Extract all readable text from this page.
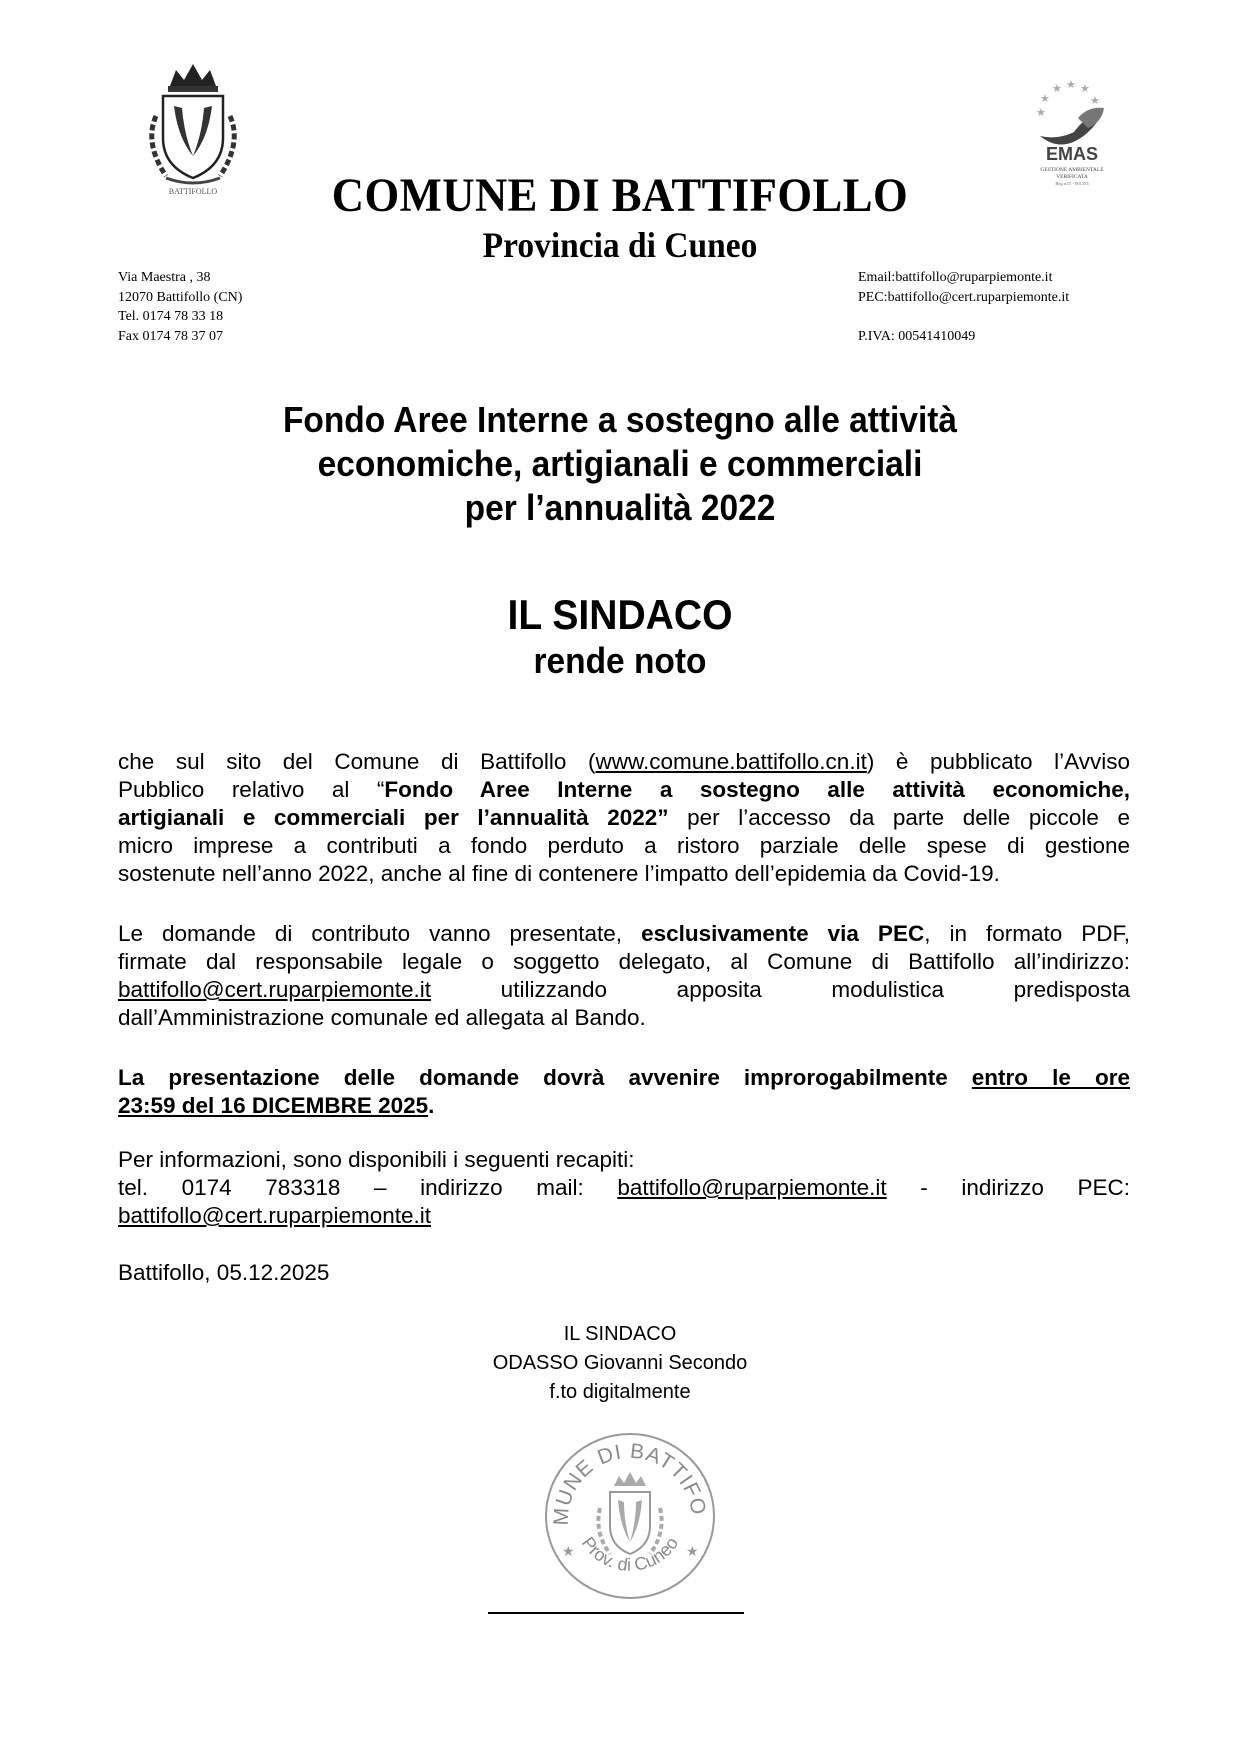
BATTIFOLLO
★ ★ ★
★	★
★
EMAS
GESTIONE AMBIENTALE
VERIFICATA
Reg.n.IT - 001355
COMUNE DI BATTIFOLLO
Provincia di Cuneo
Via Maestra , 38
12070 Battifollo (CN)
Tel. 0174 78 33 18
Fax 0174 78 37 07
Email:battifollo@ruparpiemonte.it
PEC:battifollo@cert.ruparpiemonte.it

P.IVA: 00541410049
Fondo Aree Interne a sostegno alle attività
economiche, artigianali e commerciali
per l’annualità 2022
IL SINDACO
rende noto
che sul sito del Comune di Battifollo (www.comune.battifollo.cn.it) è pubblicato l’Avviso
Pubblico relativo al “Fondo Aree Interne a sostegno alle attività economiche,
artigianali e commerciali per l’annualità 2022” per l’accesso da parte delle piccole e
micro imprese a contributi a fondo perduto a ristoro parziale delle spese di gestione
sostenute nell’anno 2022, anche al fine di contenere l’impatto dell’epidemia da Covid-19.
Le domande di contributo vanno presentate, esclusivamente via PEC, in formato PDF,
firmate dal responsabile legale o soggetto delegato, al Comune di Battifollo all’indirizzo:
battifollo@cert.ruparpiemonte.it utilizzando apposita modulistica predisposta
dall’Amministrazione comunale ed allegata al Bando.
La presentazione delle domande dovrà avvenire improrogabilmente entro le ore
23:59 del 16 DICEMBRE 2025.
Per informazioni, sono disponibili i seguenti recapiti:
tel. 0174 783318 – indirizzo mail: battifollo@ruparpiemonte.it - indirizzo PEC:
battifollo@cert.ruparpiemonte.it
Battifollo, 05.12.2025
IL SINDACO
ODASSO Giovanni Secondo
f.to digitalmente
MUNE DI BATTIFO
Prov. di Cuneo
★	★
